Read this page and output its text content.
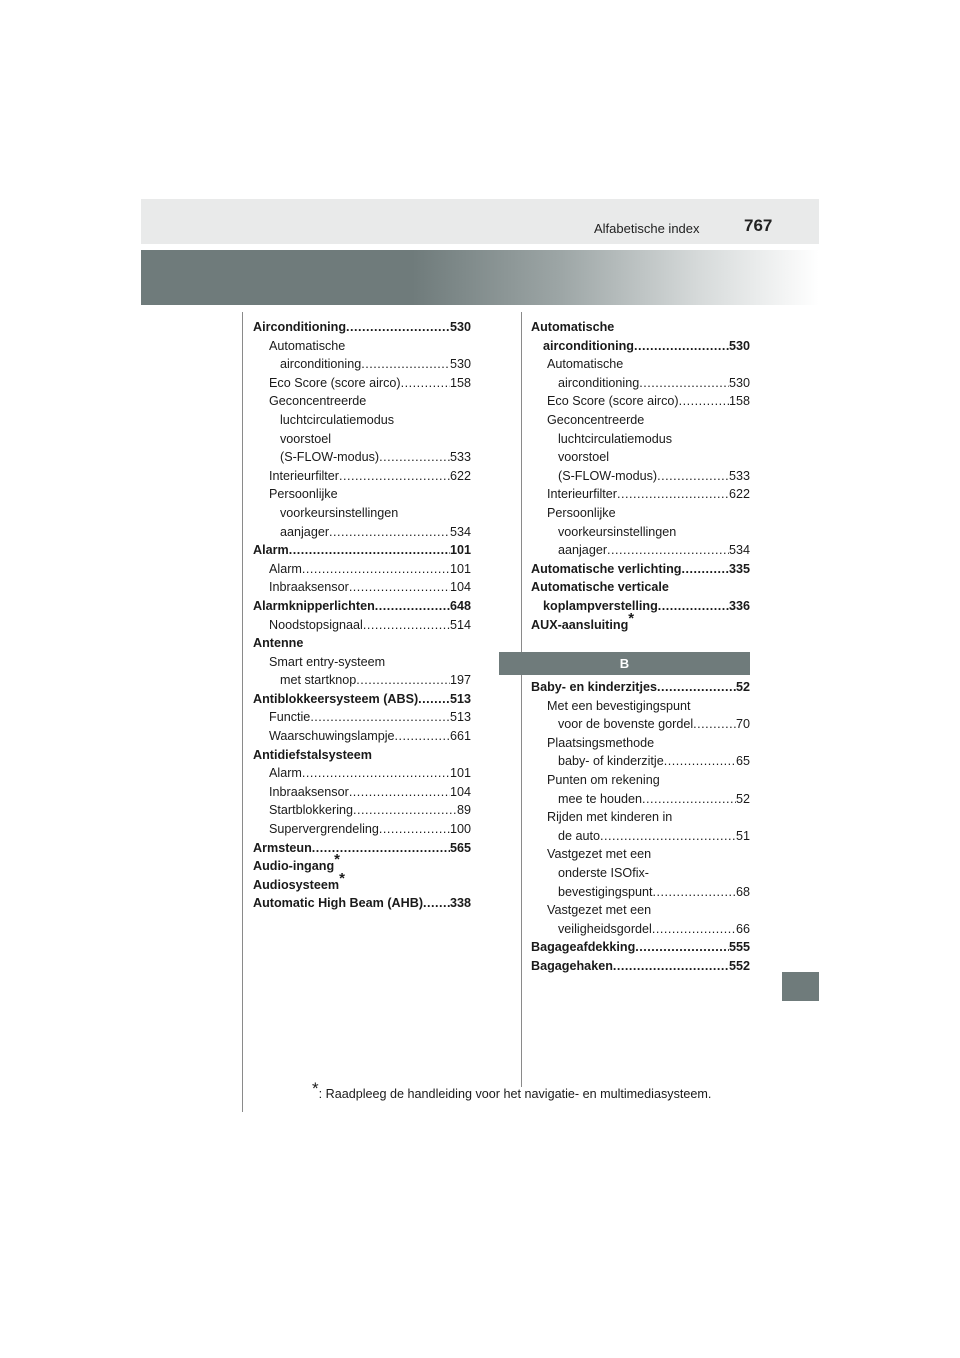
Alfabetische index	767
Airconditioning .....	530
Automatische
airconditioning .....	530
Eco Score (score airco) .....	158
Geconcentreerde
luchtcirculatiemodus
voorstoel
(S-FLOW-modus) .....	533
Interieurfilter .....	622
Persoonlijke
voorkeursinstellingen
aanjager .....	534
Alarm .....	101
Alarm .....	101
Inbraaksensor .....	104
Alarmknipperlichten .....	648
Noodstopsignaal .....	514
Antenne
Smart entry-systeem
met startknop .....	197
Antiblokkeersysteem (ABS) .....	513
Functie .....	513
Waarschuwingslampje .....	661
Antidiefstalsysteem
Alarm .....	101
Inbraaksensor .....	104
Startblokkering .....	89
Supervergrendeling .....	100
Armsteun .....	565
Audio-ingang*
Audiosysteem*
Automatic High Beam (AHB) ..... 338
Automatische
airconditioning .....	530
Automatische
airconditioning .....	530
Eco Score (score airco) .....	158
Geconcentreerde
luchtcirculatiemodus
voorstoel
(S-FLOW-modus) .....	533
Interieurfilter .....	622
Persoonlijke
voorkeursinstellingen
aanjager .....	534
Automatische verlichting .....	335
Automatische verticale
koplampverstelling .....	336
AUX-aansluiting*
B
Baby- en kinderzitjes .....	52
Met een bevestigingspunt
voor de bovenste gordel .....	70
Plaatsingsmethode
baby- of kinderzitje .....	65
Punten om rekening
mee te houden .....	52
Rijden met kinderen in
de auto .....	51
Vastgezet met een
onderste ISOfix-
bevestigingspunt .....	68
Vastgezet met een
veiligheidsgordel .....	66
Bagageafdekking .....	555
Bagagehaken .....	552
*: Raadpleeg de handleiding voor het navigatie- en multimediasysteem.
